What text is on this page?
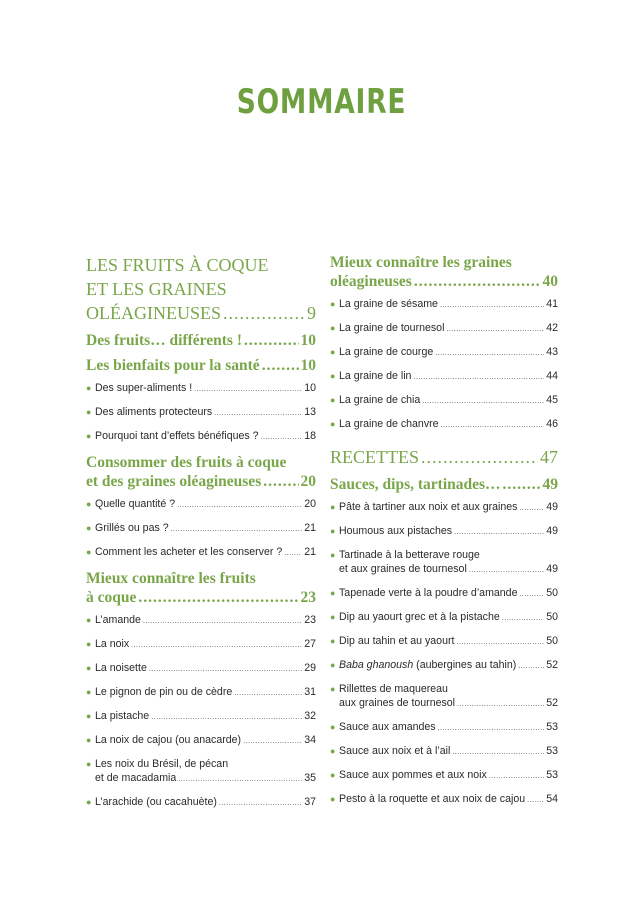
SOMMAIRE
LES FRUITS À COQUE
ET LES GRAINES
OLÉAGINEUSES .....	9
Des fruits… différents ! .....	10
Les bienfaits pour la santé .....	10
● Des super-aliments ! .....	10
● Des aliments protecteurs .....	13
● Pourquoi tant d’effets bénéfiques ? .....	18
Consommer des fruits à coque
et des graines oléagineuses .....	20
● Quelle quantité ? .....	20
● Grillés ou pas ? .....	21
● Comment les acheter et les conserver ? ..... 21
Mieux connaître les fruits
à coque .....	23
● L’amande .....	23
● La noix .....	27
● La noisette .....	29
● Le pignon de pin ou de cèdre .....	31
● La pistache .....	32
● La noix de cajou (ou anacarde) .....	34
● Les noix du Brésil, de pécan
et de macadamia .....	35
● L’arachide (ou cacahuète) .....	37
Mieux connaître les graines
oléagineuses .....	40
● La graine de sésame .....	41
● La graine de tournesol .....	42
● La graine de courge .....	43
● La graine de lin .....	44
● La graine de chia .....	45
● La graine de chanvre .....	46
RECETTES .....	47
Sauces, dips, tartinades… .....	49
● Pâte à tartiner aux noix et aux graines .....	49
● Houmous aux pistaches .....	49
● Tartinade à la betterave rouge
et aux graines de tournesol .....	49
● Tapenade verte à la poudre d’amande .....	50
● Dip au yaourt grec et à la pistache .....	50
● Dip au tahin et au yaourt .....	50
● Baba ghanoush (aubergines au tahin) .....	52
● Rillettes de maquereau
aux graines de tournesol .....	52
● Sauce aux amandes .....	53
● Sauce aux noix et à l’ail .....	53
● Sauce aux pommes et aux noix .....	53
● Pesto à la roquette et aux noix de cajou ..... 54
